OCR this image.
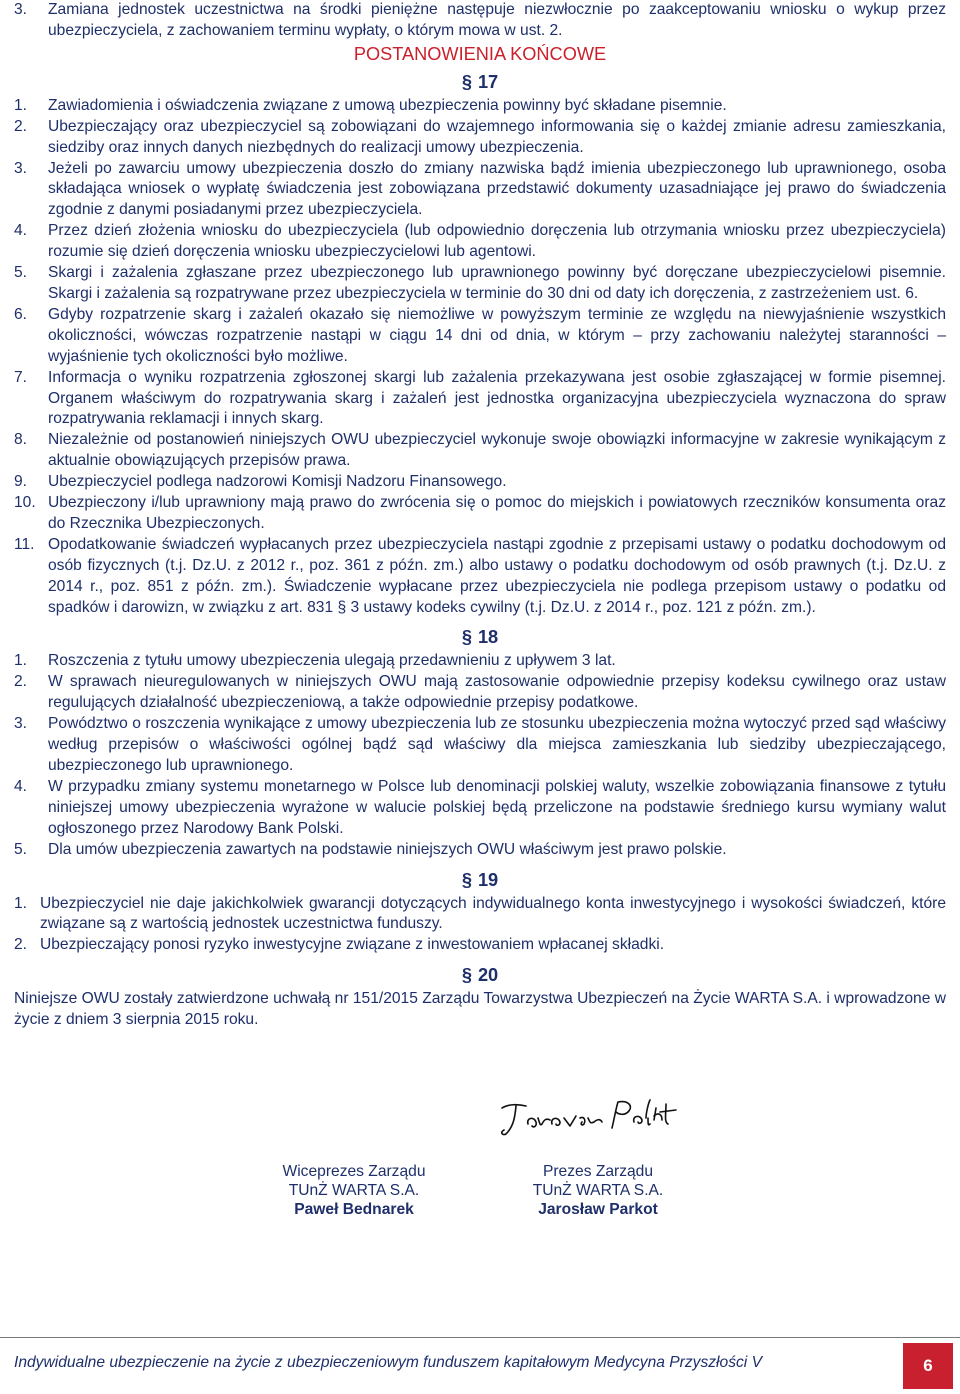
3. Zamiana jednostek uczestnictwa na środki pieniężne następuje niezwłocznie po zaakceptowaniu wniosku o wykup przez ubezpieczyciela, z zachowaniem terminu wypłaty, o którym mowa w ust. 2.
POSTANOWIENIA KOŃCOWE
§ 17
1. Zawiadomienia i oświadczenia związane z umową ubezpieczenia powinny być składane pisemnie.
2. Ubezpieczający oraz ubezpieczyciel są zobowiązani do wzajemnego informowania się o każdej zmianie adresu zamieszkania, siedziby oraz innych danych niezbędnych do realizacji umowy ubezpieczenia.
3. Jeżeli po zawarciu umowy ubezpieczenia doszło do zmiany nazwiska bądź imienia ubezpieczonego lub uprawnionego, osoba składająca wniosek o wypłatę świadczenia jest zobowiązana przedstawić dokumenty uzasadniające jej prawo do świadczenia zgodnie z danymi posiadanymi przez ubezpieczyciela.
4. Przez dzień złożenia wniosku do ubezpieczyciela (lub odpowiednio doręczenia lub otrzymania wniosku przez ubezpieczyciela) rozumie się dzień doręczenia wniosku ubezpieczycielowi lub agentowi.
5. Skargi i zażalenia zgłaszane przez ubezpieczonego lub uprawnionego powinny być doręczane ubezpieczycielowi pisemnie. Skargi i zażalenia są rozpatrywane przez ubezpieczyciela w terminie do 30 dni od daty ich doręczenia, z zastrzeżeniem ust. 6.
6. Gdyby rozpatrzenie skarg i zażaleń okazało się niemożliwe w powyższym terminie ze względu na niewyjaśnienie wszystkich okoliczności, wówczas rozpatrzenie nastąpi w ciągu 14 dni od dnia, w którym – przy zachowaniu należytej staranności – wyjaśnienie tych okoliczności było możliwe.
7. Informacja o wyniku rozpatrzenia zgłoszonej skargi lub zażalenia przekazywana jest osobie zgłaszającej w formie pisemnej. Organem właściwym do rozpatrywania skarg i zażaleń jest jednostka organizacyjna ubezpieczyciela wyznaczona do spraw rozpatrywania reklamacji i innych skarg.
8. Niezależnie od postanowień niniejszych OWU ubezpieczyciel wykonuje swoje obowiązki informacyjne w zakresie wynikającym z aktualnie obowiązujących przepisów prawa.
9. Ubezpieczyciel podlega nadzorowi Komisji Nadzoru Finansowego.
10. Ubezpieczony i/lub uprawniony mają prawo do zwrócenia się o pomoc do miejskich i powiatowych rzeczników konsumenta oraz do Rzecznika Ubezpieczonych.
11. Opodatkowanie świadczeń wypłacanych przez ubezpieczyciela nastąpi zgodnie z przepisami ustawy o podatku dochodowym od osób fizycznych (t.j. Dz.U. z 2012 r., poz. 361 z późn. zm.) albo ustawy o podatku dochodowym od osób prawnych (t.j. Dz.U. z 2014 r., poz. 851 z późn. zm.). Świadczenie wypłacane przez ubezpieczyciela nie podlega przepisom ustawy o podatku od spadków i darowizn, w związku z art. 831 § 3 ustawy kodeks cywilny (t.j. Dz.U. z 2014 r., poz. 121 z późn. zm.).
§ 18
1. Roszczenia z tytułu umowy ubezpieczenia ulegają przedawnieniu z upływem 3 lat.
2. W sprawach nieuregulowanych w niniejszych OWU mają zastosowanie odpowiednie przepisy kodeksu cywilnego oraz ustaw regulujących działalność ubezpieczeniową, a także odpowiednie przepisy podatkowe.
3. Powództwo o roszczenia wynikające z umowy ubezpieczenia lub ze stosunku ubezpieczenia można wytoczyć przed sąd właściwy według przepisów o właściwości ogólnej bądź sąd właściwy dla miejsca zamieszkania lub siedziby ubezpieczającego, ubezpieczonego lub uprawnionego.
4. W przypadku zmiany systemu monetarnego w Polsce lub denominacji polskiej waluty, wszelkie zobowiązania finansowe z tytułu niniejszej umowy ubezpieczenia wyrażone w walucie polskiej będą przeliczone na podstawie średniego kursu wymiany walut ogłoszonego przez Narodowy Bank Polski.
5. Dla umów ubezpieczenia zawartych na podstawie niniejszych OWU właściwym jest prawo polskie.
§ 19
1. Ubezpieczyciel nie daje jakichkolwiek gwarancji dotyczących indywidualnego konta inwestycyjnego i wysokości świadczeń, które związane są z wartością jednostek uczestnictwa funduszy.
2. Ubezpieczający ponosi ryzyko inwestycyjne związane z inwestowaniem wpłacanej składki.
§ 20
Niniejsze OWU zostały zatwierdzone uchwałą nr 151/2015 Zarządu Towarzystwa Ubezpieczeń na Życie WARTA S.A. i wprowadzone w życie z dniem 3 sierpnia 2015 roku.
Wiceprezes Zarządu
TUnŻ WARTA S.A.
Paweł Bednarek
Prezes Zarządu
TUnŻ WARTA S.A.
Jarosław Parkot
Indywidualne ubezpieczenie na życie z ubezpieczeniowym funduszem kapitałowym Medycyna Przyszłości V	6
